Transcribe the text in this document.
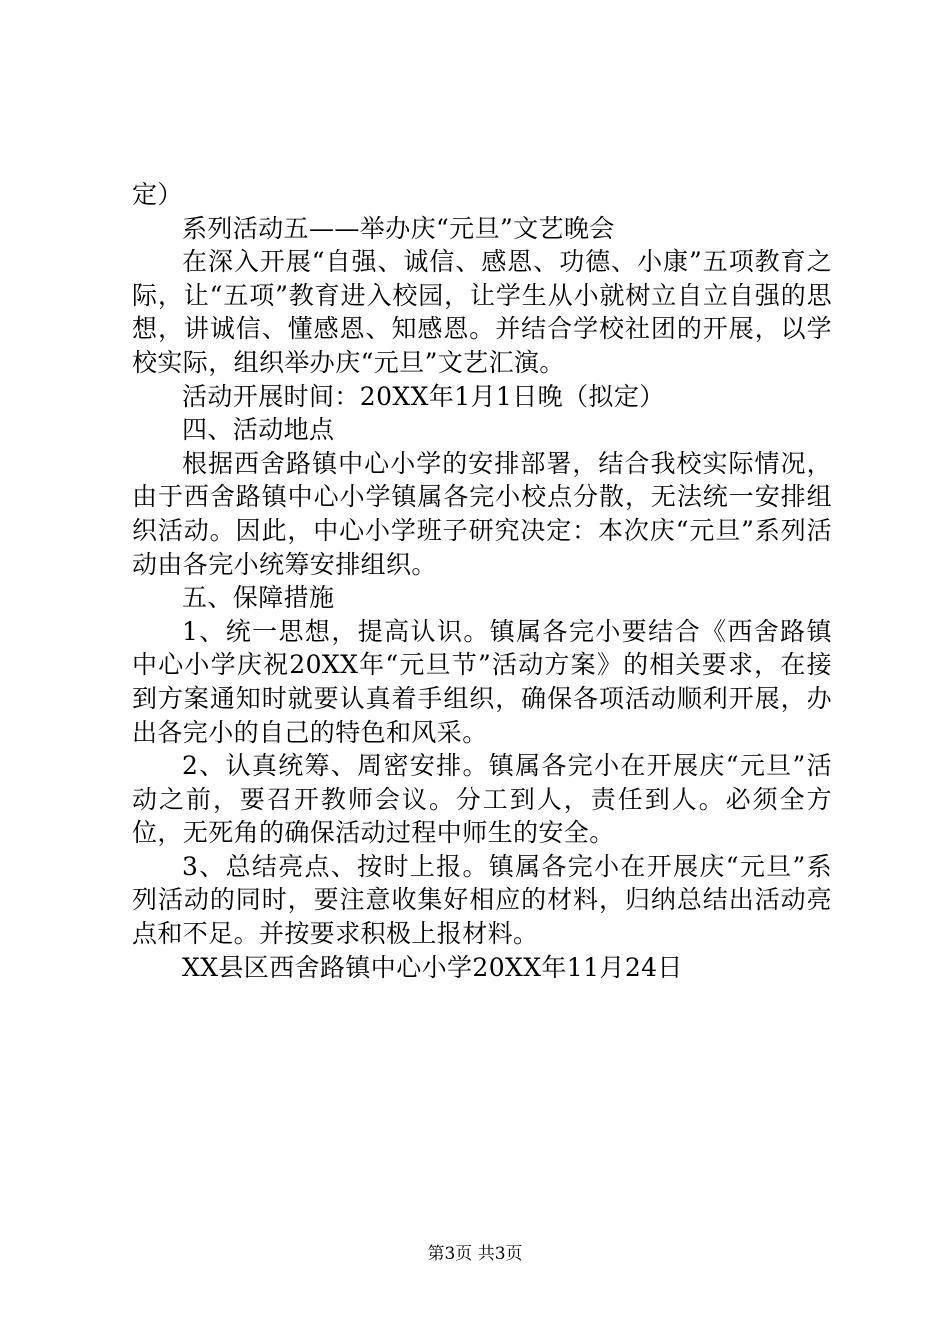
定）

系列活动五——举办庆“元旦”文艺晚会

在深入开展“自强、诚信、感恩、功德、小康”五项教育之际，让“五项”教育进入校园，让学生从小就树立自立自强的思想，讲诚信、懂感恩、知感恩。并结合学校社团的开展，以学校实际，组织举办庆“元旦”文艺汇演。

活动开展时间：20XX年1月1日晚（拟定）

四、活动地点

根据西舍路镇中心小学的安排部署，结合我校实际情况，由于西舍路镇中心小学镇属各完小校点分散，无法统一安排组织活动。因此，中心小学班子研究决定：本次庆“元旦”系列活动由各完小统筹安排组织。

五、保障措施

1、统一思想，提高认识。镇属各完小要结合《西舍路镇中心小学庆祝20XX年“元旦节”活动方案》的相关要求，在接到方案通知时就要认真着手组织，确保各项活动顺利开展，办出各完小的自己的特色和风采。

2、认真统筹、周密安排。镇属各完小在开展庆“元旦”活动之前，要召开教师会议。分工到人，责任到人。必须全方位，无死角的确保活动过程中师生的安全。

3、总结亮点、按时上报。镇属各完小在开展庆“元旦”系列活动的同时，要注意收集好相应的材料，归纳总结出活动亮点和不足。并按要求积极上报材料。

XX县区西舍路镇中心小学20XX年11月24日

第3页 共3页
